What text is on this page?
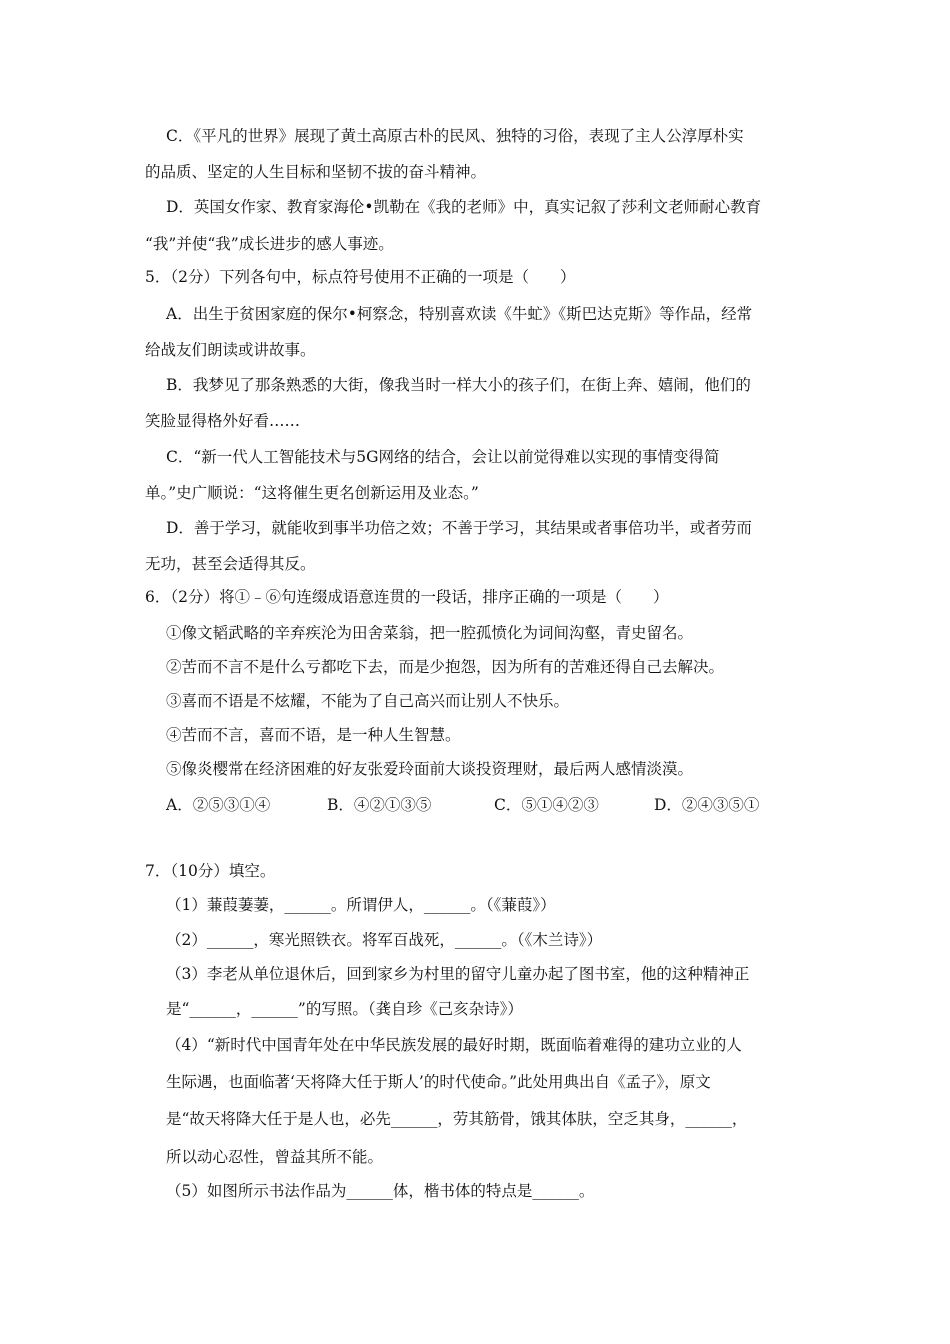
C．《平凡的世界》展现了黄土高原古朴的民风、独特的习俗，表现了主人公淳厚朴实
的品质、坚定的人生目标和坚韧不拔的奋斗精神。
D．英国女作家、教育家海伦•凯勒在《我的老师》中，真实记叙了莎利文老师耐心教育
“我”并使“我”成长进步的感人事迹。
5．（2分）下列各句中，标点符号使用不正确的一项是（　　）
A．出生于贫困家庭的保尔•柯察念，特别喜欢读《牛虻》《斯巴达克斯》等作品，经常
给战友们朗读或讲故事。
B．我梦见了那条熟悉的大街，像我当时一样大小的孩子们，在街上奔、嬉闹，他们的
笑脸显得格外好看……
C．“新一代人工智能技术与5G网络的结合，会让以前觉得难以实现的事情变得简
单。”史广顺说：“这将催生更名创新运用及业态。”
D．善于学习，就能收到事半功倍之效；不善于学习，其结果或者事倍功半，或者劳而
无功，甚至会适得其反。
6．（2分）将①﹣⑥句连缀成语意连贯的一段话，排序正确的一项是（　　）
①像文韬武略的辛弃疾沦为田舍菜翁，把一腔孤愤化为词间沟壑，青史留名。
②苦而不言不是什么亏都吃下去，而是少抱怨，因为所有的苦难还得自己去解决。
③喜而不语是不炫耀，不能为了自己高兴而让别人不快乐。
④苦而不言，喜而不语，是一种人生智慧。
⑤像炎樱常在经济困难的好友张爱玲面前大谈投资理财，最后两人感情淡漠。
A．②⑤③①④	B．④②①③⑤	C．⑤①④②③	D．②④③⑤①
7．（10分）填空。
（1）蒹葭萋萋，______。所谓伊人，______。（《蒹葭》）
（2）______，寒光照铁衣。将军百战死，______。（《木兰诗》）
（3）李老从单位退休后，回到家乡为村里的留守儿童办起了图书室，他的这种精神正
是“______，______”的写照。（龚自珍《己亥杂诗》）
（4）“新时代中国青年处在中华民族发展的最好时期，既面临着难得的建功立业的人
生际遇，也面临著‘天将降大任于斯人’的时代使命。”此处用典出自《孟子》，原文
是“故天将降大任于是人也，必先______，劳其筋骨，饿其体肤，空乏其身，______，
所以动心忍性，曾益其所不能。
（5）如图所示书法作品为______体，楷书体的特点是______。
